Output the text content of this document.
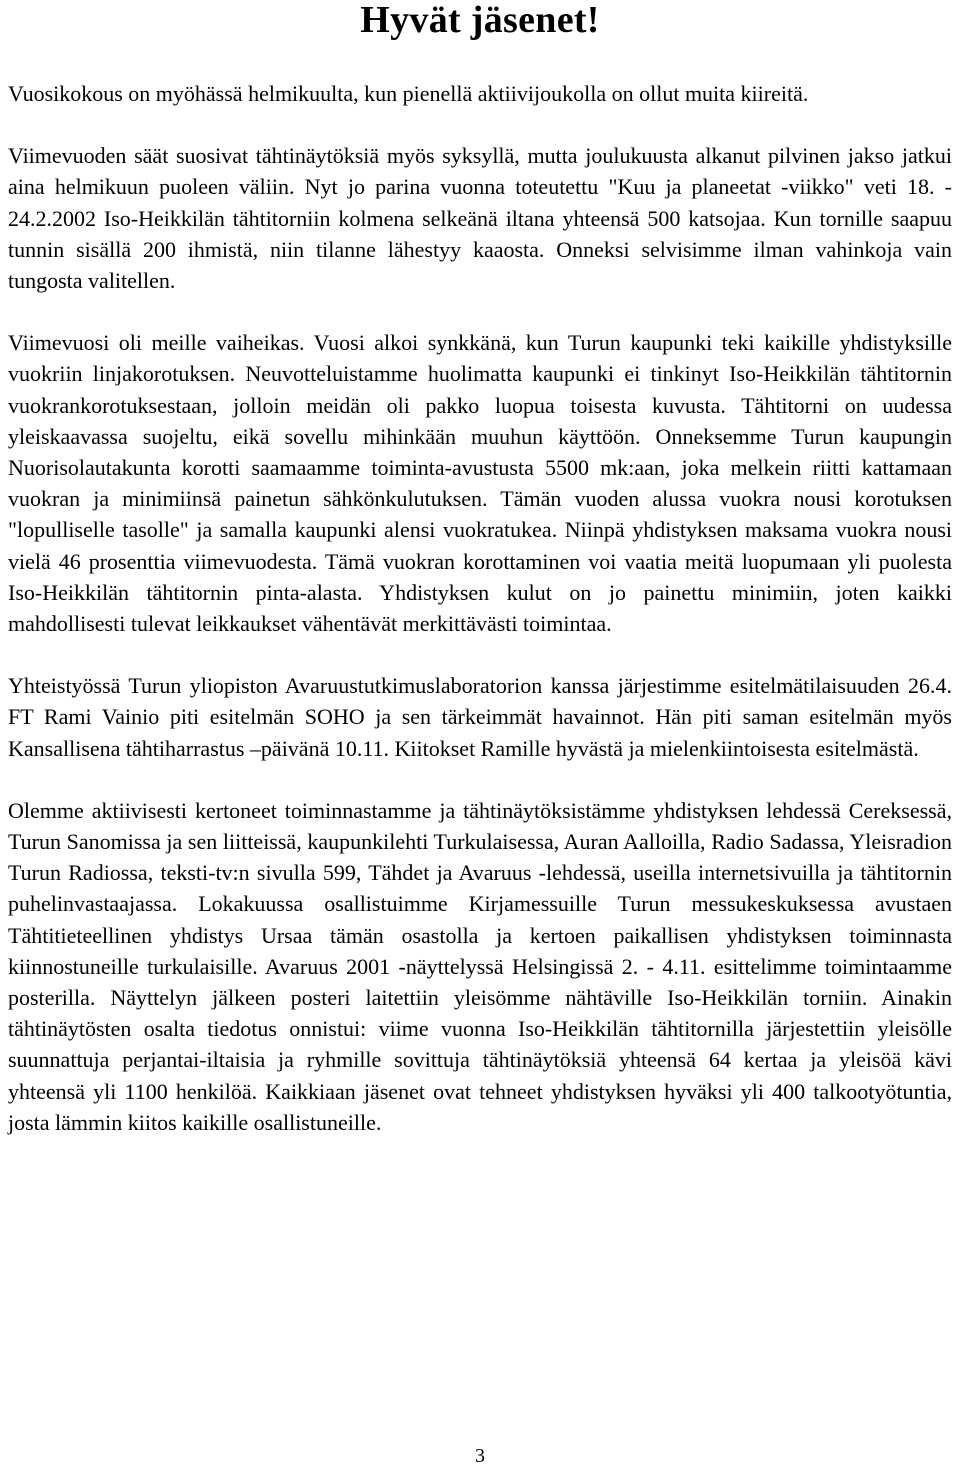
Hyvät jäsenet!

Vuosikokous on myöhässä helmikuulta, kun pienellä aktiivijoukolla on ollut muita kiireitä.

Viimevuoden säät suosivat tähtinäytöksiä myös syksyllä, mutta joulukuusta alkanut pilvinen jakso jatkui aina helmikuun puoleen väliin. Nyt jo parina vuonna toteutettu "Kuu ja planeetat -viikko" veti 18. - 24.2.2002 Iso-Heikkilän tähtitorniin kolmena selkeänä iltana yhteensä 500 katsojaa. Kun tornille saapuu tunnin sisällä 200 ihmistä, niin tilanne lähestyy kaaosta. Onneksi selvisimme ilman vahinkoja vain tungosta valitellen.

Viimevuosi oli meille vaiheikas. Vuosi alkoi synkkänä, kun Turun kaupunki teki kaikille yhdistyksille vuokriin linjakorotuksen. Neuvotteluistamme huolimatta kaupunki ei tinkinyt Iso-Heikkilän tähtitornin vuokrankorotuksestaan, jolloin meidän oli pakko luopua toisesta kuvusta. Tähtitorni on uudessa yleiskaavassa suojeltu, eikä sovellu mihinkään muuhun käyttöön. Onneksemme Turun kaupungin Nuorisolautakunta korotti saamaamme toiminta-avustusta 5500 mk:aan, joka melkein riitti kattamaan vuokran ja minimiinsä painetun sähkönkulutuksen. Tämän vuoden alussa vuokra nousi korotuksen "lopulliselle tasolle" ja samalla kaupunki alensi vuokratukea. Niinpä yhdistyksen maksama vuokra nousi vielä 46 prosenttia viimevuodesta. Tämä vuokran korottaminen voi vaatia meitä luopumaan yli puolesta Iso-Heikkilän tähtitornin pinta-alasta. Yhdistyksen kulut on jo painettu minimiin, joten kaikki mahdollisesti tulevat leikkaukset vähentävät merkittävästi toimintaa.

Yhteistyössä Turun yliopiston Avaruustutkimuslaboratorion kanssa järjestimme esitelmätilaisuuden 26.4. FT Rami Vainio piti esitelmän SOHO ja sen tärkeimmät havainnot. Hän piti saman esitelmän myös Kansallisena tähtiharrastus –päivänä 10.11. Kiitokset Ramille hyvästä ja mielenkiintoisesta esitelmästä.

Olemme aktiivisesti kertoneet toiminnastamme ja tähtinäytöksistämme yhdistyksen lehdessä Cereksessä, Turun Sanomissa ja sen liitteissä, kaupunkilehti Turkulaisessa, Auran Aalloilla, Radio Sadassa, Yleisradion Turun Radiossa, teksti-tv:n sivulla 599, Tähdet ja Avaruus -lehdessä, useilla internetsivuilla ja tähtitornin puhelinvastaajassa. Lokakuussa osallistuimme Kirjamessuille Turun messukeskuksessa avustaen Tähtitieteellinen yhdistys Ursaa tämän osastolla ja kertoen paikallisen yhdistyksen toiminnasta kiinnostuneille turkulaisille. Avaruus 2001 -näyttelyssä Helsingissä 2. - 4.11. esittelimme toimintaamme posterilla. Näyttelyn jälkeen posteri laitettiin yleisömme nähtäville Iso-Heikkilän torniin. Ainakin tähtinäytösten osalta tiedotus onnistui: viime vuonna Iso-Heikkilän tähtitornilla järjestettiin yleisölle suunnattuja perjantai-iltaisia ja ryhmille sovittuja tähtinäytöksiä yhteensä 64 kertaa ja yleisöä kävi yhteensä yli 1100 henkilöä. Kaikkiaan jäsenet ovat tehneet yhdistyksen hyväksi yli 400 talkootyötuntia, josta lämmin kiitos kaikille osallistuneille.

3
